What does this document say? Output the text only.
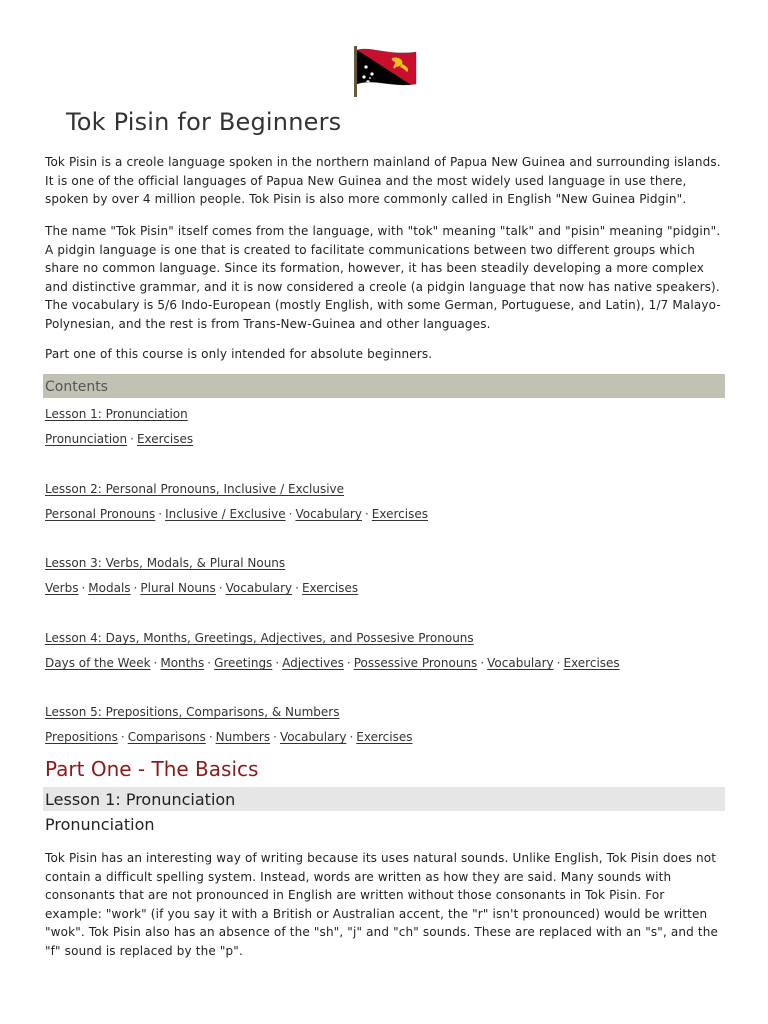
Tok Pisin for Beginners

Tok Pisin is a creole language spoken in the northern mainland of Papua New Guinea and surrounding islands. It is one of the official languages of Papua New Guinea and the most widely used language in use there, spoken by over 4 million people. Tok Pisin is also more commonly called in English "New Guinea Pidgin".

The name "Tok Pisin" itself comes from the language, with "tok" meaning "talk" and "pisin" meaning "pidgin". A pidgin language is one that is created to facilitate communications between two different groups which share no common language. Since its formation, however, it has been steadily developing a more complex and distinctive grammar, and it is now considered a creole (a pidgin language that now has native speakers). The vocabulary is 5/6 Indo-European (mostly English, with some German, Portuguese, and Latin), 1/7 Malayo-Polynesian, and the rest is from Trans-New-Guinea and other languages.

Part one of this course is only intended for absolute beginners.

Contents
Lesson 1: Pronunciation
Pronunciation · Exercises
Lesson 2: Personal Pronouns, Inclusive / Exclusive
Personal Pronouns · Inclusive / Exclusive · Vocabulary · Exercises
Lesson 3: Verbs, Modals, & Plural Nouns
Verbs · Modals · Plural Nouns · Vocabulary · Exercises
Lesson 4: Days, Months, Greetings, Adjectives, and Possesive Pronouns
Days of the Week · Months · Greetings · Adjectives · Possessive Pronouns · Vocabulary · Exercises
Lesson 5: Prepositions, Comparisons, & Numbers
Prepositions · Comparisons · Numbers · Vocabulary · Exercises
Part One - The Basics
Lesson 1: Pronunciation
Pronunciation

Tok Pisin has an interesting way of writing because its uses natural sounds. Unlike English, Tok Pisin does not contain a difficult spelling system. Instead, words are written as how they are said. Many sounds with consonants that are not pronounced in English are written without those consonants in Tok Pisin. For example: "work" (if you say it with a British or Australian accent, the "r" isn't pronounced) would be written "wok". Tok Pisin also has an absence of the "sh", "j" and "ch" sounds. These are replaced with an "s", and the "f" sound is replaced by the "p".
